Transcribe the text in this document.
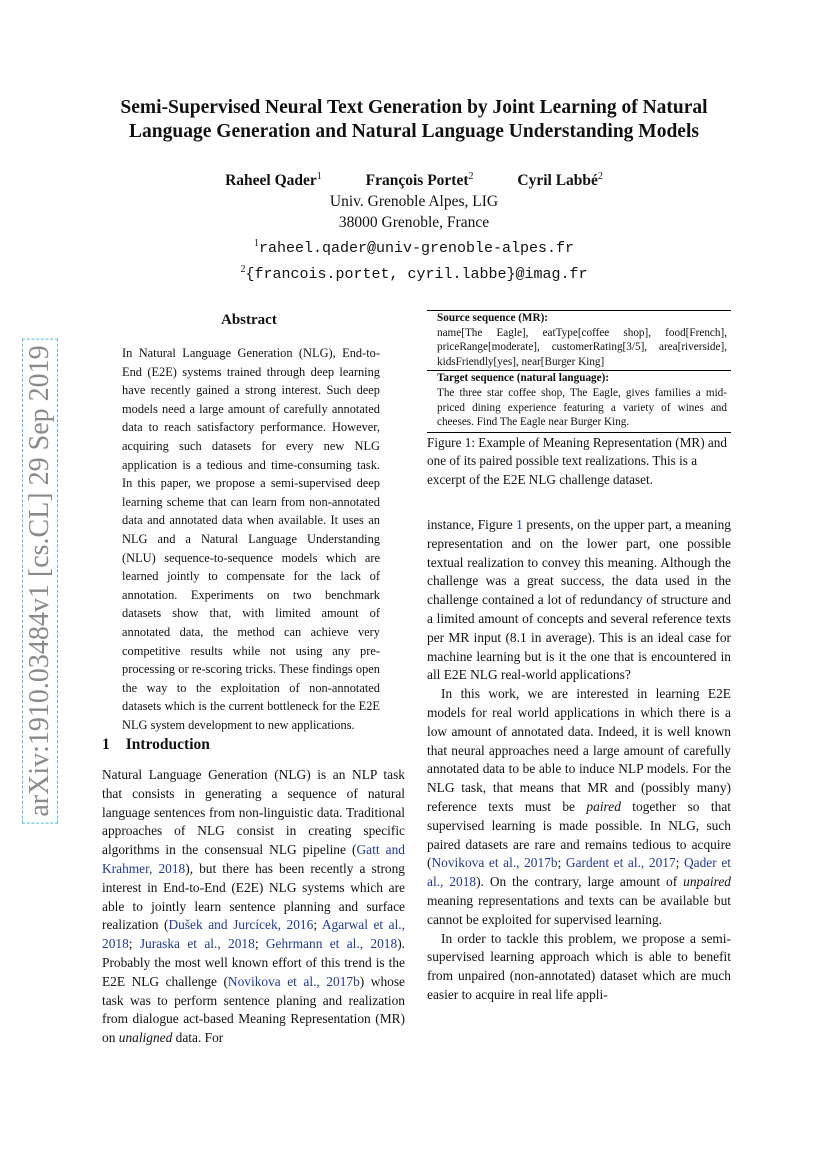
Semi-Supervised Neural Text Generation by Joint Learning of Natural Language Generation and Natural Language Understanding Models
Raheel Qader$^1$	François Portet$^2$	Cyril Labbé$^2$
Univ. Grenoble Alpes, LIG
38000 Grenoble, France
$^1$raheel.qader@univ-grenoble-alpes.fr
$^2${francois.portet, cyril.labbe}@imag.fr
arXiv:1910.03484v1 [cs.CL] 29 Sep 2019
Abstract
In Natural Language Generation (NLG), End-to-End (E2E) systems trained through deep learning have recently gained a strong interest. Such deep models need a large amount of carefully annotated data to reach satisfactory performance. However, acquiring such datasets for every new NLG application is a tedious and time-consuming task. In this paper, we propose a semi-supervised deep learning scheme that can learn from non-annotated data and annotated data when available. It uses an NLG and a Natural Language Understanding (NLU) sequence-to-sequence models which are learned jointly to compensate for the lack of annotation. Experiments on two benchmark datasets show that, with limited amount of annotated data, the method can achieve very competitive results while not using any pre-processing or re-scoring tricks. These findings open the way to the exploitation of non-annotated datasets which is the current bottleneck for the E2E NLG system development to new applications.
1 Introduction
Natural Language Generation (NLG) is an NLP task that consists in generating a sequence of natural language sentences from non-linguistic data. Traditional approaches of NLG consist in creating specific algorithms in the consensual NLG pipeline (Gatt and Krahmer, 2018), but there has been recently a strong interest in End-to-End (E2E) NLG systems which are able to jointly learn sentence planning and surface realization (Dušek and Jurcícek, 2016; Agarwal et al., 2018; Juraska et al., 2018; Gehrmann et al., 2018). Probably the most well known effort of this trend is the E2E NLG challenge (Novikova et al., 2017b) whose task was to perform sentence planing and realization from dialogue act-based Meaning Representation (MR) on unaligned data. For
Source sequence (MR):
name[The Eagle], eatType[coffee shop], food[French], priceRange[moderate], customerRating[3/5], area[riverside], kidsFriendly[yes], near[Burger King]
Target sequence (natural language):
The three star coffee shop, The Eagle, gives families a mid-priced dining experience featuring a variety of wines and cheeses. Find The Eagle near Burger King.
Figure 1: Example of Meaning Representation (MR) and one of its paired possible text realizations. This is a excerpt of the E2E NLG challenge dataset.

instance, Figure 1 presents, on the upper part, a meaning representation and on the lower part, one possible textual realization to convey this meaning. Although the challenge was a great success, the data used in the challenge contained a lot of redundancy of structure and a limited amount of concepts and several reference texts per MR input (8.1 in average). This is an ideal case for machine learning but is it the one that is encountered in all E2E NLG real-world applications?

In this work, we are interested in learning E2E models for real world applications in which there is a low amount of annotated data. Indeed, it is well known that neural approaches need a large amount of carefully annotated data to be able to induce NLP models. For the NLG task, that means that MR and (possibly many) reference texts must be paired together so that supervised learning is made possible. In NLG, such paired datasets are rare and remains tedious to acquire (Novikova et al., 2017b; Gardent et al., 2017; Qader et al., 2018). On the contrary, large amount of unpaired meaning representations and texts can be available but cannot be exploited for supervised learning.

In order to tackle this problem, we propose a semi-supervised learning approach which is able to benefit from unpaired (non-annotated) dataset which are much easier to acquire in real life appli-
